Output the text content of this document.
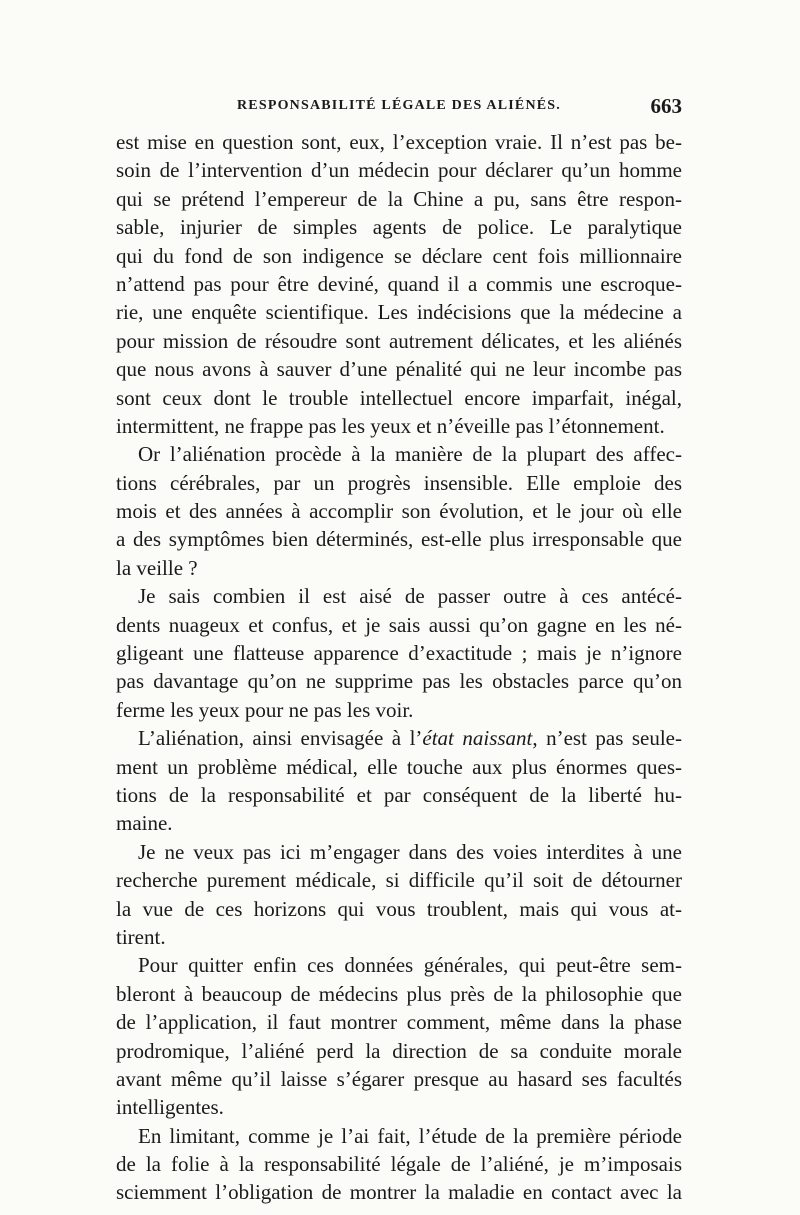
RESPONSABILITÉ LÉGALE DES ALIÉNÉS.	663
est mise en question sont, eux, l’exception vraie. Il n’est pas be-
soin de l’intervention d’un médecin pour déclarer qu’un homme
qui se prétend l’empereur de la Chine a pu, sans être respon-
sable, injurier de simples agents de police. Le paralytique
qui du fond de son indigence se déclare cent fois millionnaire
n’attend pas pour être deviné, quand il a commis une escroque-
rie, une enquête scientifique. Les indécisions que la médecine a
pour mission de résoudre sont autrement délicates, et les aliénés
que nous avons à sauver d’une pénalité qui ne leur incombe pas
sont ceux dont le trouble intellectuel encore imparfait, inégal,
intermittent, ne frappe pas les yeux et n’éveille pas l’étonnement.
Or l’aliénation procède à la manière de la plupart des affec-
tions cérébrales, par un progrès insensible. Elle emploie des
mois et des années à accomplir son évolution, et le jour où elle
a des symptômes bien déterminés, est-elle plus irresponsable que
la veille ?
Je sais combien il est aisé de passer outre à ces antécé-
dents nuageux et confus, et je sais aussi qu’on gagne en les né-
gligeant une flatteuse apparence d’exactitude ; mais je n’ignore
pas davantage qu’on ne supprime pas les obstacles parce qu’on
ferme les yeux pour ne pas les voir.
L’aliénation, ainsi envisagée à l’état naissant, n’est pas seule-
ment un problème médical, elle touche aux plus énormes ques-
tions de la responsabilité et par conséquent de la liberté hu-
maine.
Je ne veux pas ici m’engager dans des voies interdites à une
recherche purement médicale, si difficile qu’il soit de détourner
la vue de ces horizons qui vous troublent, mais qui vous at-
tirent.
Pour quitter enfin ces données générales, qui peut-être sem-
bleront à beaucoup de médecins plus près de la philosophie que
de l’application, il faut montrer comment, même dans la phase
prodromique, l’aliéné perd la direction de sa conduite morale
avant même qu’il laisse s’égarer presque au hasard ses facultés
intelligentes.
En limitant, comme je l’ai fait, l’étude de la première période
de la folie à la responsabilité légale de l’aliéné, je m’imposais
sciemment l’obligation de montrer la maladie en contact avec la
